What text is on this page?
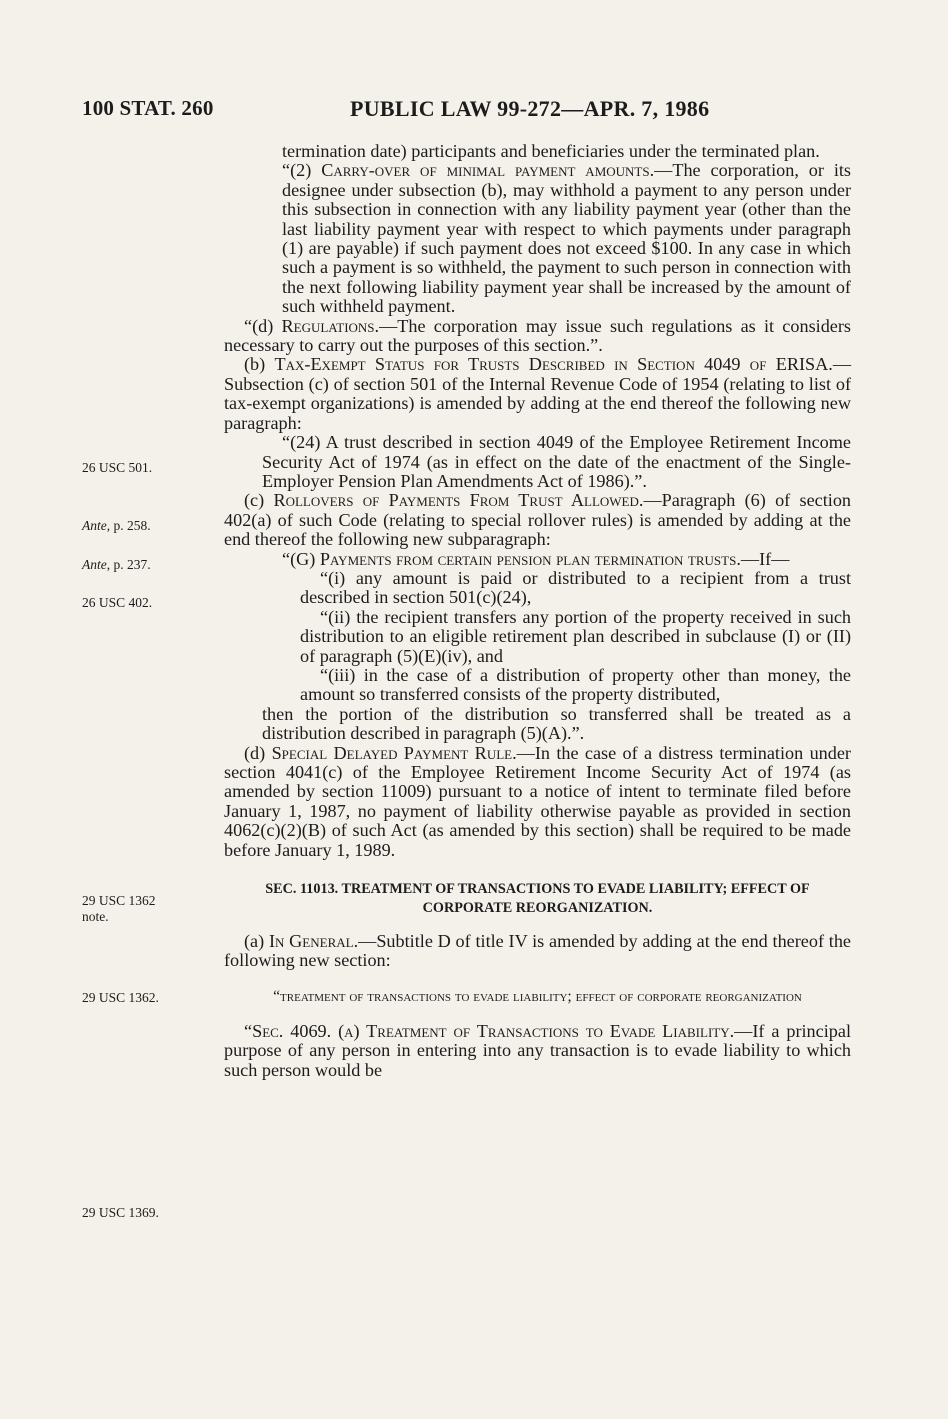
100 STAT. 260	PUBLIC LAW 99-272—APR. 7, 1986
26 USC 501.
Ante, p. 258.
Ante, p. 237.
26 USC 402.
29 USC 1362
note.
29 USC 1362.
29 USC 1369.

termination date) participants and beneficiaries under the terminated plan.

“(2) Carry-over of minimal payment amounts.—The corporation, or its designee under subsection (b), may withhold a payment to any person under this subsection in connection with any liability payment year (other than the last liability payment year with respect to which payments under paragraph (1) are payable) if such payment does not exceed $100. In any case in which such a payment is so withheld, the payment to such person in connection with the next following liability payment year shall be increased by the amount of such withheld payment.

“(d) Regulations.—The corporation may issue such regulations as it considers necessary to carry out the purposes of this section.”.

(b) Tax-Exempt Status for Trusts Described in Section 4049 of ERISA.—Subsection (c) of section 501 of the Internal Revenue Code of 1954 (relating to list of tax-exempt organizations) is amended by adding at the end thereof the following new paragraph:

“(24) A trust described in section 4049 of the Employee Retirement Income Security Act of 1974 (as in effect on the date of the enactment of the Single-Employer Pension Plan Amendments Act of 1986).”.

(c) Rollovers of Payments From Trust Allowed.—Paragraph (6) of section 402(a) of such Code (relating to special rollover rules) is amended by adding at the end thereof the following new subparagraph:

“(G) Payments from certain pension plan termination trusts.—If—

“(i) any amount is paid or distributed to a recipient from a trust described in section 501(c)(24),

“(ii) the recipient transfers any portion of the property received in such distribution to an eligible retirement plan described in subclause (I) or (II) of paragraph (5)(E)(iv), and

“(iii) in the case of a distribution of property other than money, the amount so transferred consists of the property distributed,

then the portion of the distribution so transferred shall be treated as a distribution described in paragraph (5)(A).”.

(d) Special Delayed Payment Rule.—In the case of a distress termination under section 4041(c) of the Employee Retirement Income Security Act of 1974 (as amended by section 11009) pursuant to a notice of intent to terminate filed before January 1, 1987, no payment of liability otherwise payable as provided in section 4062(c)(2)(B) of such Act (as amended by this section) shall be required to be made before January 1, 1989.

SEC. 11013. TREATMENT OF TRANSACTIONS TO EVADE LIABILITY; EFFECT OF CORPORATE REORGANIZATION.

(a) In General.—Subtitle D of title IV is amended by adding at the end thereof the following new section:

“treatment of transactions to evade liability; effect of corporate reorganization

“Sec. 4069. (a) Treatment of Transactions to Evade Liability.—If a principal purpose of any person in entering into any transaction is to evade liability to which such person would be
